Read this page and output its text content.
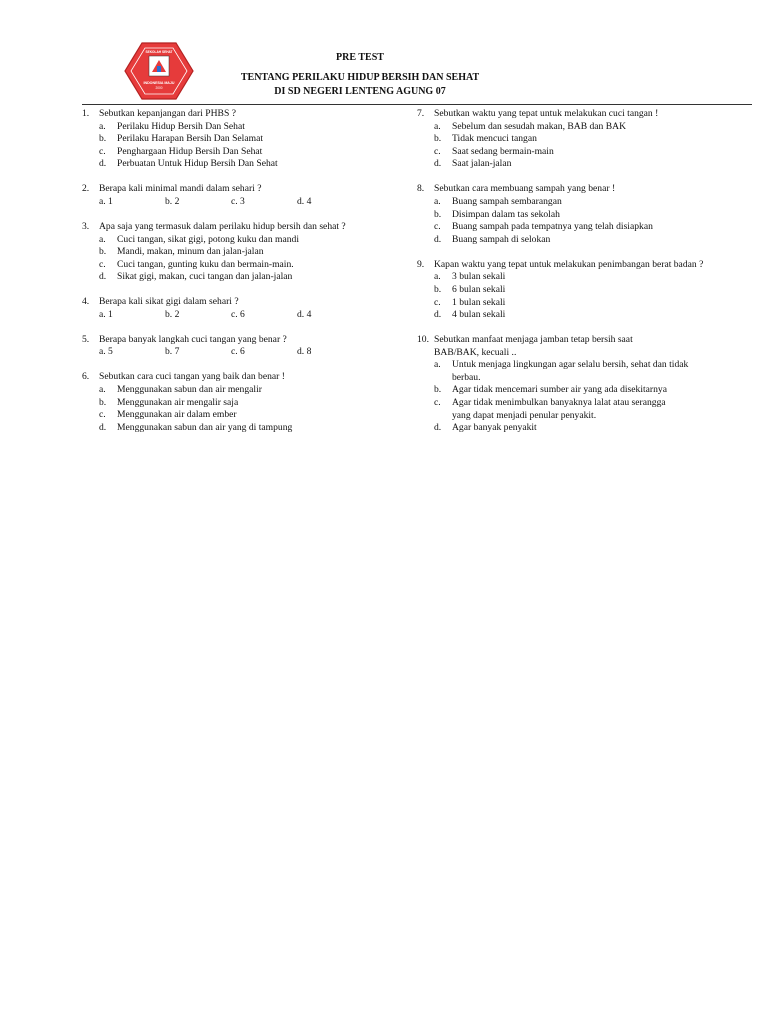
SEKOLAH SEHAT
INDONESIA MAJU
2000
PRE TEST
TENTANG PERILAKU HIDUP BERSIH DAN SEHAT
DI SD NEGERI LENTENG AGUNG 07
1.	Sebutkan kepanjangan dari PHBS ?
a.	Perilaku Hidup Bersih Dan Sehat
b.	Perilaku Harapan Bersih Dan Selamat
c.	Penghargaan Hidup Bersih Dan Sehat
d.	Perbuatan Untuk Hidup Bersih Dan Sehat
2.	Berapa kali minimal mandi dalam sehari ?
a. 1	b. 2	c. 3	d. 4
3.	Apa saja yang termasuk dalam perilaku hidup bersih dan sehat ?
a.	Cuci tangan, sikat gigi, potong kuku dan mandi
b.	Mandi, makan, minum dan jalan-jalan
c.	Cuci tangan, gunting kuku dan bermain-main.
d.	Sikat gigi, makan, cuci tangan dan jalan-jalan
4.	Berapa kali sikat gigi dalam sehari ?
a. 1	b. 2	c. 6	d. 4
5.	Berapa banyak langkah cuci tangan yang benar ?
a. 5	b. 7	c. 6	d. 8
6.	Sebutkan cara cuci tangan yang baik dan benar !
a.	Menggunakan sabun dan air mengalir
b.	Menggunakan air mengalir saja
c.	Menggunakan air dalam ember
d.	Menggunakan sabun dan air yang di tampung
7.	Sebutkan waktu yang tepat untuk melakukan cuci tangan !
a.	Sebelum dan sesudah makan, BAB dan BAK
b.	Tidak mencuci tangan
c.	Saat sedang bermain-main
d.	Saat jalan-jalan
8.	Sebutkan cara membuang sampah yang benar !
a.	Buang sampah sembarangan
b.	Disimpan dalam tas sekolah
c.	Buang sampah pada tempatnya yang telah disiapkan
d.	Buang sampah di selokan
9.	Kapan waktu yang tepat untuk melakukan penimbangan berat badan ?
a.	3 bulan sekali
b.	6 bulan sekali
c.	1 bulan sekali
d.	4 bulan sekali
10. Sebutkan manfaat menjaga jamban tetap bersih saat
BAB/BAK, kecuali ..
a.	Untuk menjaga lingkungan agar selalu bersih, sehat dan tidak
berbau.
b.	Agar tidak mencemari sumber air yang ada disekitarnya
c.	Agar tidak menimbulkan banyaknya lalat atau serangga
yang dapat menjadi penular penyakit.
d.	Agar banyak penyakit
